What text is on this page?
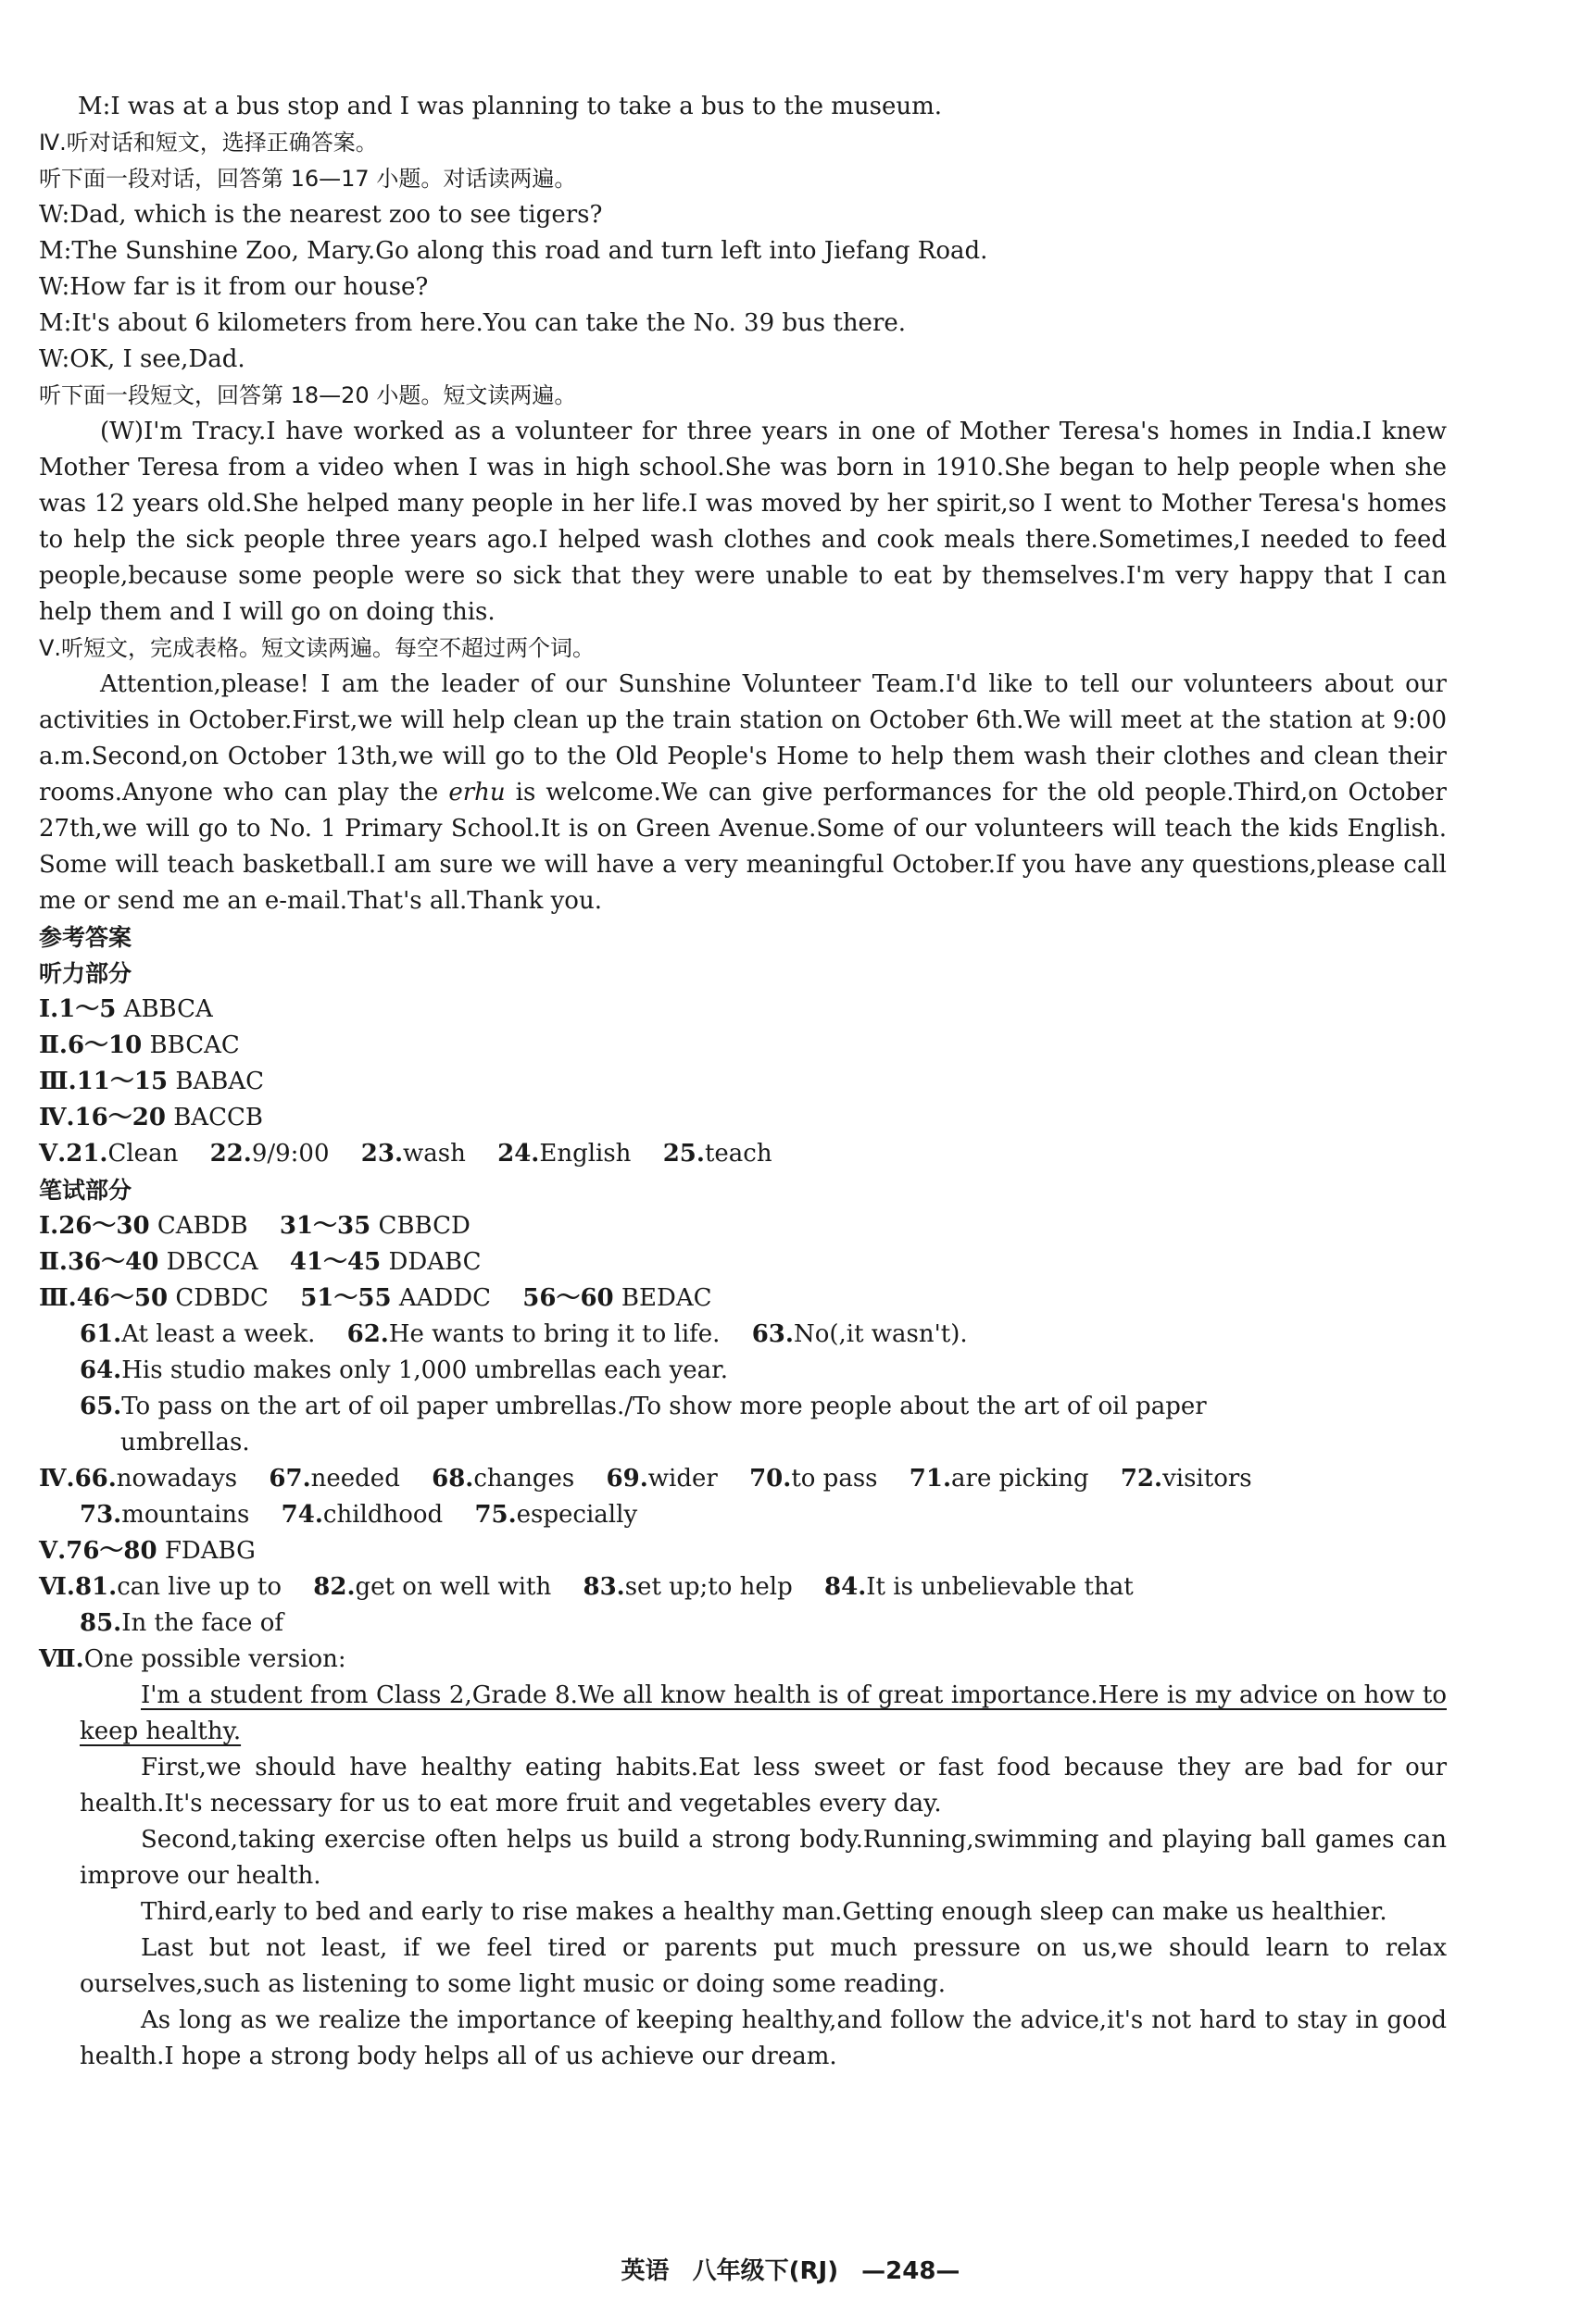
M:I was at a bus stop and I was planning to take a bus to the museum.
Ⅳ.听对话和短文，选择正确答案。
听下面一段对话，回答第 16—17 小题。对话读两遍。
W:Dad, which is the nearest zoo to see tigers?
M:The Sunshine Zoo, Mary.Go along this road and turn left into Jiefang Road.
W:How far is it from our house?
M:It's about 6 kilometers from here.You can take the No. 39 bus there.
W:OK, I see,Dad.
听下面一段短文，回答第 18—20 小题。短文读两遍。
(W)I'm Tracy.I have worked as a volunteer for three years in one of Mother Teresa's homes in India.I knew Mother Teresa from a video when I was in high school.She was born in 1910.She began to help people when she was 12 years old.She helped many people in her life.I was moved by her spirit,so I went to Mother Teresa's homes to help the sick people three years ago.I helped wash clothes and cook meals there.Sometimes,I needed to feed people,because some people were so sick that they were unable to eat by themselves.I'm very happy that I can help them and I will go on doing this.
Ⅴ.听短文，完成表格。短文读两遍。每空不超过两个词。
Attention,please! I am the leader of our Sunshine Volunteer Team.I'd like to tell our volunteers about our activities in October.First,we will help clean up the train station on October 6th.We will meet at the station at 9:00 a.m.Second,on October 13th,we will go to the Old People's Home to help them wash their clothes and clean their rooms.Anyone who can play the erhu is welcome.We can give performances for the old people.Third,on October 27th,we will go to No. 1 Primary School.It is on Green Avenue.Some of our volunteers will teach the kids English. Some will teach basketball.I am sure we will have a very meaningful October.If you have any questions,please call me or send me an e-mail.That's all.Thank you.
参考答案
听力部分
Ⅰ.1～5 ABBCA
Ⅱ.6～10 BBCAC
Ⅲ.11～15 BABAC
Ⅳ.16～20 BACCB
Ⅴ.21.Clean 22.9/9:00 23.wash 24.English 25.teach
笔试部分
Ⅰ.26～30 CABDB 31～35 CBBCD
Ⅱ.36～40 DBCCA 41～45 DDABC
Ⅲ.46～50 CDBDC 51～55 AADDC 56～60 BEDAC
61.At least a week. 62.He wants to bring it to life. 63.No(,it wasn't).
64.His studio makes only 1,000 umbrellas each year.
65.To pass on the art of oil paper umbrellas./To show more people about the art of oil paper
umbrellas.
Ⅳ.66.nowadays 67.needed 68.changes 69.wider 70.to pass 71.are picking 72.visitors
73.mountains 74.childhood 75.especially
Ⅴ.76～80 FDABG
Ⅵ.81.can live up to 82.get on well with 83.set up;to help 84.It is unbelievable that
85.In the face of
Ⅶ.One possible version:
I'm a student from Class 2,Grade 8.We all know health is of great importance.Here is my advice on how to keep healthy.
First,we should have healthy eating habits.Eat less sweet or fast food because they are bad for our health.It's necessary for us to eat more fruit and vegetables every day.
Second,taking exercise often helps us build a strong body.Running,swimming and playing ball games can improve our health.
Third,early to bed and early to rise makes a healthy man.Getting enough sleep can make us healthier.
Last but not least, if we feel tired or parents put much pressure on us,we should learn to relax ourselves,such as listening to some light music or doing some reading.
As long as we realize the importance of keeping healthy,and follow the advice,it's not hard to stay in good health.I hope a strong body helps all of us achieve our dream.
英语 八年级下(RJ) —248—
